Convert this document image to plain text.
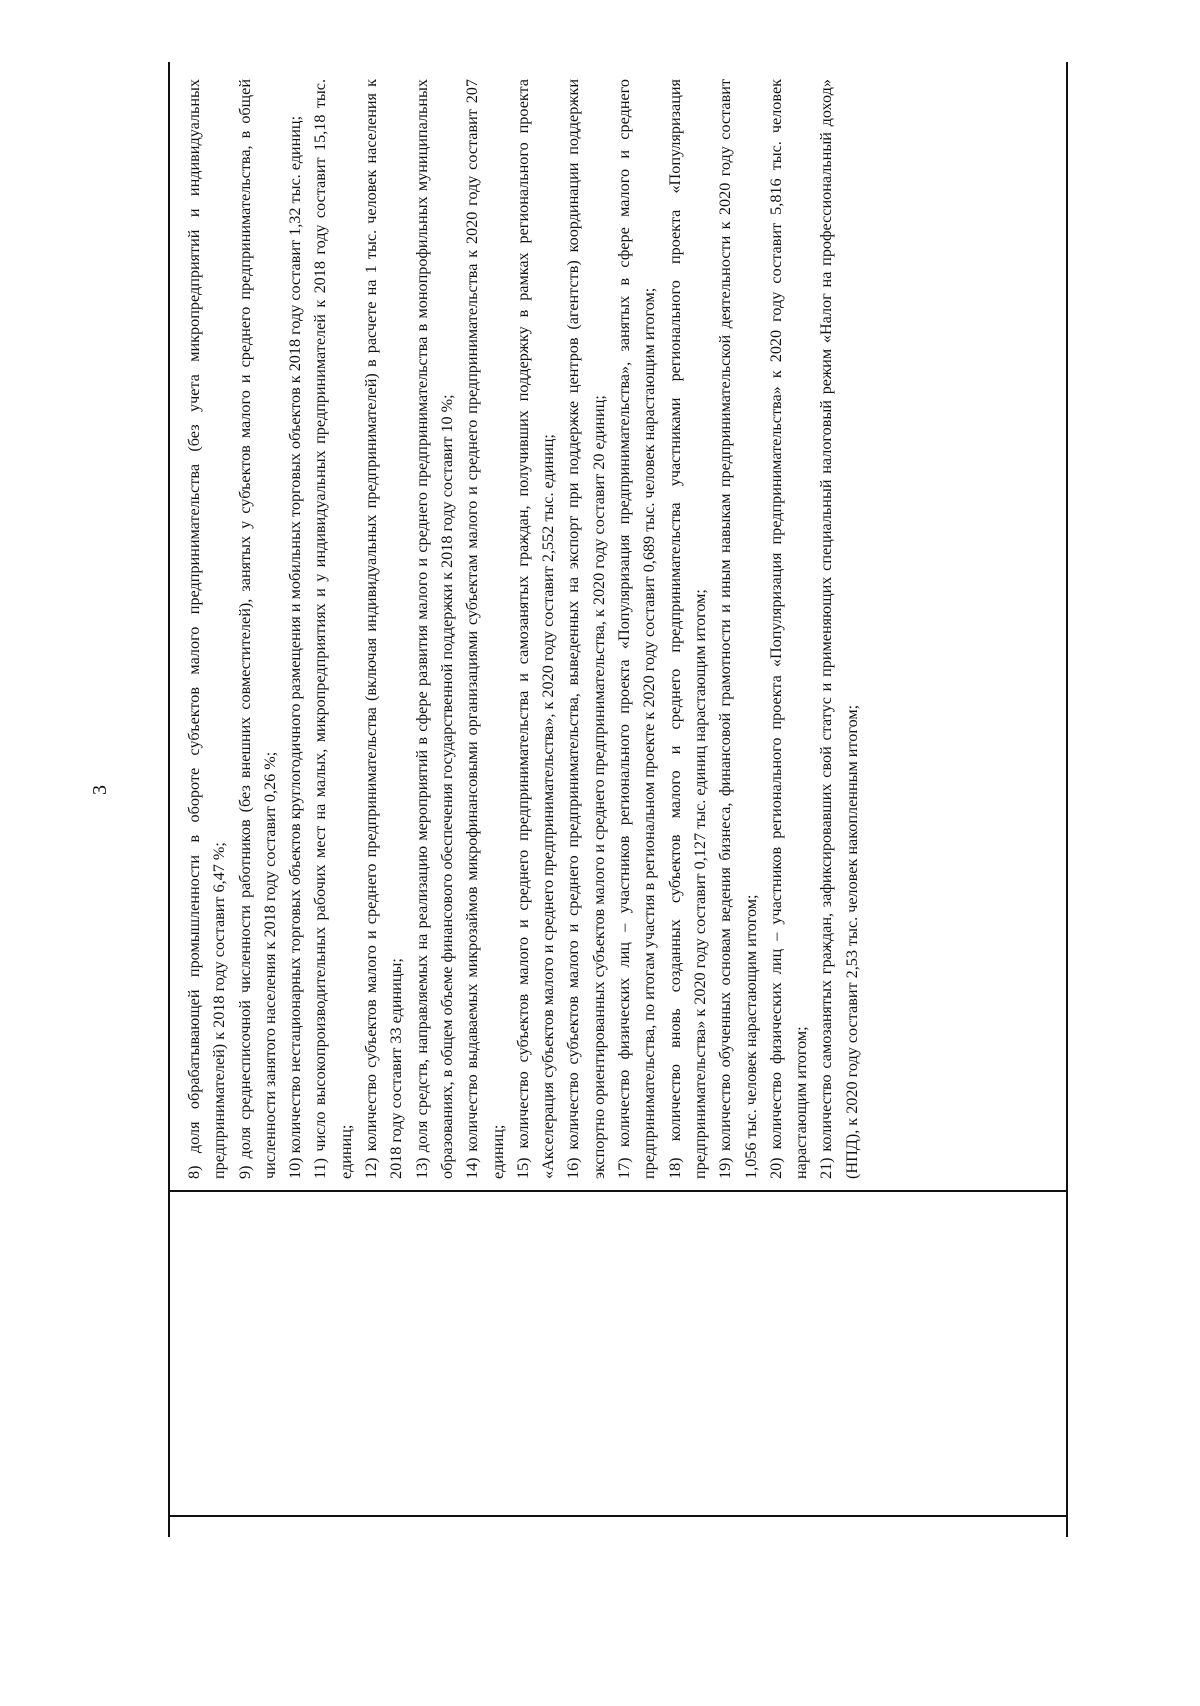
3	8) доля обрабатывающей промышленности в обороте субъектов малого предпринимательства (без учета микропредприятий и индивидуальных предпринимателей) к 2018 году составит 6,47 %; 9) доля среднесписочной численности работников (без внешних совместителей), занятых у субъектов малого и среднего предпринимательства, в общей численности занятого населения к 2018 году составит 0,26 %; 10) количество нестационарных торговых объектов круглогодичного размещения и мобильных торговых объектов к 2018 году составит 1,32 тыс. единиц; 11) число высокопроизводительных рабочих мест на малых, микропредприятиях и у индивидуальных предпринимателей к 2018 году составит 15,18 тыс. единиц; 12) количество субъектов малого и среднего предпринимательства (включая индивидуальных предпринимателей) в расчете на 1 тыс. человек населения к 2018 году составит 33 единицы; 13) доля средств, направляемых на реализацию мероприятий в сфере развития малого и среднего предпринимательства в монопрофильных муниципальных образованиях, в общем объеме финансового обеспечения государственной поддержки к 2018 году составит 10 %; 14) количество выдаваемых микрозаймов микрофинансовыми организациями субъектам малого и среднего предпринимательства к 2020 году составит 207 единиц; 15) количество субъектов малого и среднего предпринимательства и самозанятых граждан, получивших поддержку в рамках регионального проекта «Акселерация субъектов малого и среднего предпринимательства», к 2020 году составит 2,552 тыс. единиц; 16) количество субъектов малого и среднего предпринимательства, выведенных на экспорт при поддержке центров (агентств) координации поддержки экспортно ориентированных субъектов малого и среднего предпринимательства, к 2020 году составит 20 единиц; 17) количество физических лиц – участников регионального проекта «Популяризация предпринимательства», занятых в сфере малого и среднего предпринимательства, по итогам участия в региональном проекте к 2020 году составит 0,689 тыс. человек нарастающим итогом; 18) количество вновь созданных субъектов малого и среднего предпринимательства участниками регионального проекта «Популяризация предпринимательства» к 2020 году составит 0,127 тыс. единиц нарастающим итогом; 19) количество обученных основам ведения бизнеса, финансовой грамотности и иным навыкам предпринимательской деятельности к 2020 году составит 1,056 тыс. человек нарастающим итогом; 20) количество физических лиц – участников регионального проекта «Популяризация предпринимательства» к 2020 году составит 5,816 тыс. человек нарастающим итогом; 21) количество самозанятых граждан, зафиксировавших свой статус и применяющих специальный налоговый режим «Налог на профессиональный доход» (НПД), к 2020 году составит 2,53 тыс. человек накопленным итогом;
